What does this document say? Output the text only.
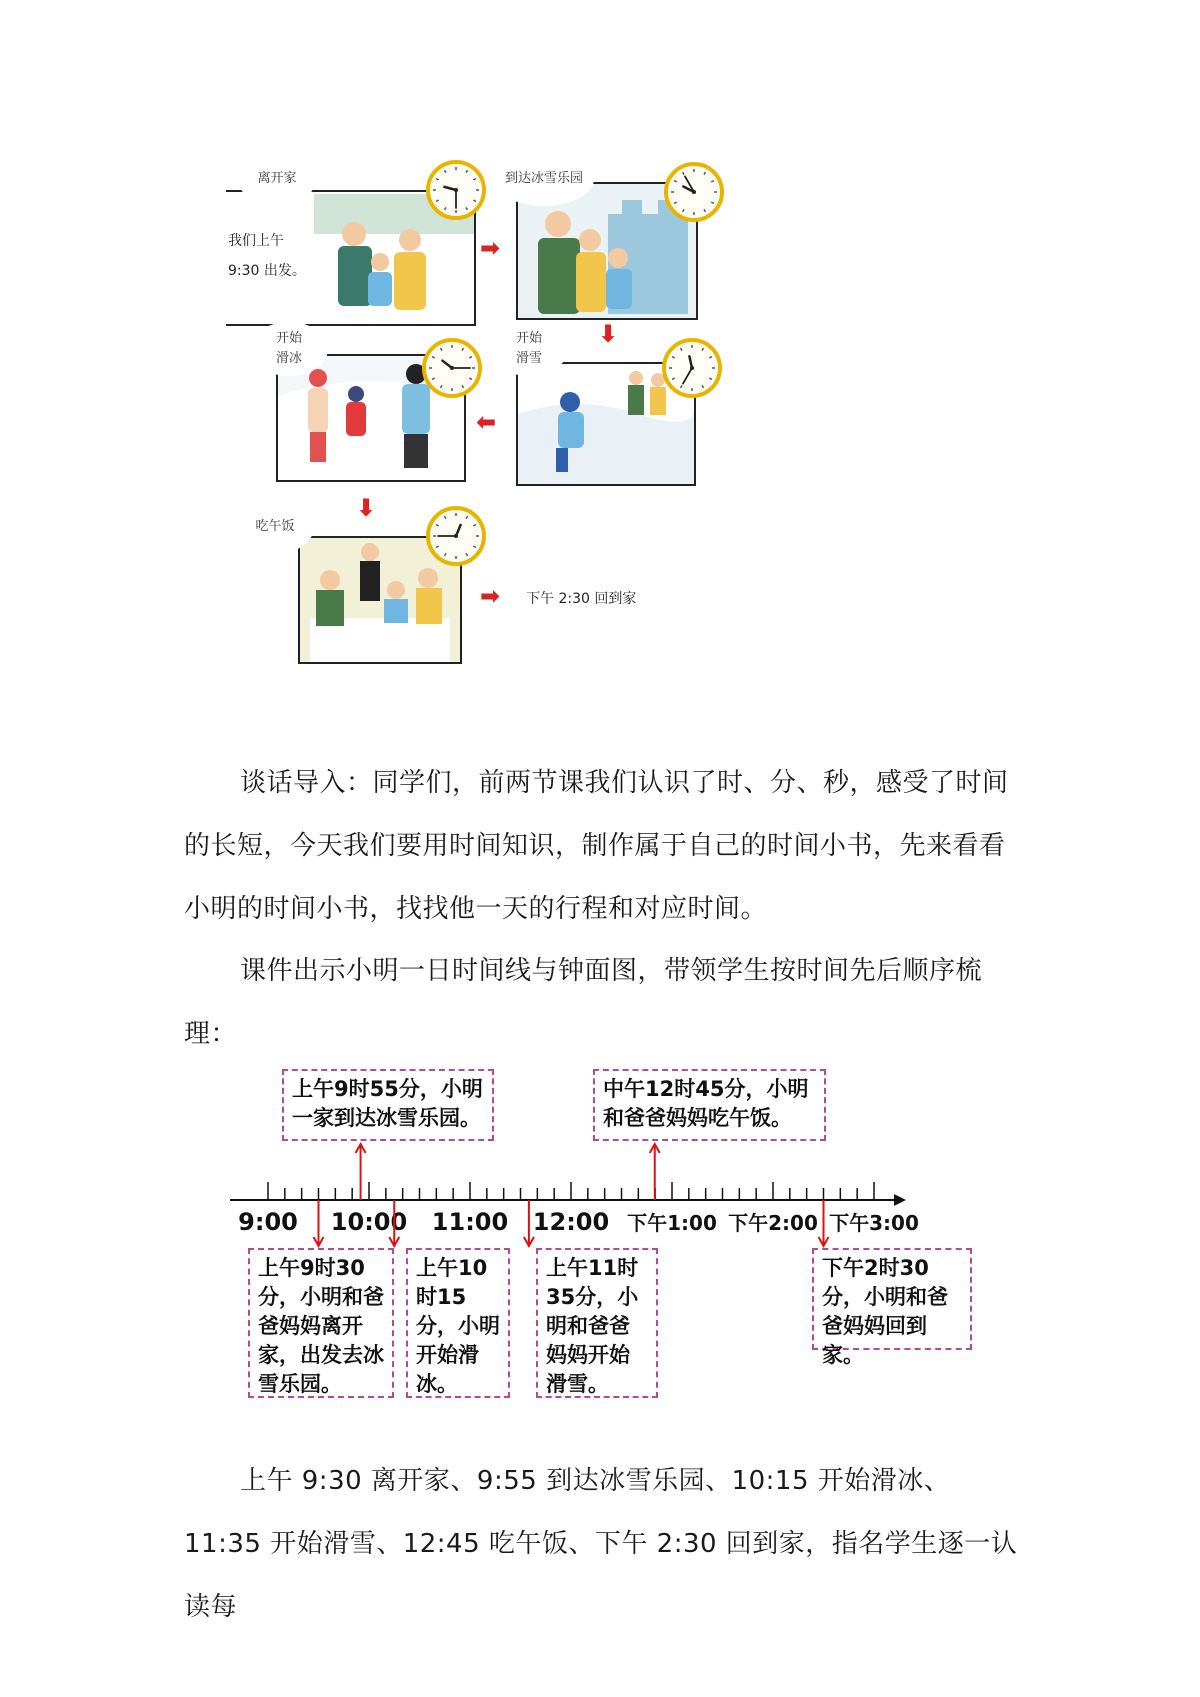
离开家
我们上午
9:30 出发。
➡
到达冰雪乐园
⬇
开始
滑冰
⬅
开始
滑雪
⬇
吃午饭
➡ 下午 2:30 回到家
谈话导入：同学们，前两节课我们认识了时、分、秒，感受了时间的长短，今天我们要用时间知识，制作属于自己的时间小书，先来看看小明的时间小书，找找他一天的行程和对应时间。
课件出示小明一日时间线与钟面图，带领学生按时间先后顺序梳理：
9:00 10:00 11:00 12:00 下午1:00 下午2:00 下午3:00
上午9时55分，小明一家到达冰雪乐园。
中午12时45分，小明和爸爸妈妈吃午饭。
上午9时30分，小明和爸爸妈妈离开家，出发去冰雪乐园。
上午10时15分，小明开始滑冰。
上午11时35分，小明和爸爸妈妈开始滑雪。
下午2时30分，小明和爸爸妈妈回到家。
上午 9:30 离开家、9:55 到达冰雪乐园、10:15 开始滑冰、11:35 开始滑雪、12:45 吃午饭、下午 2:30 回到家，指名学生逐一认读每
